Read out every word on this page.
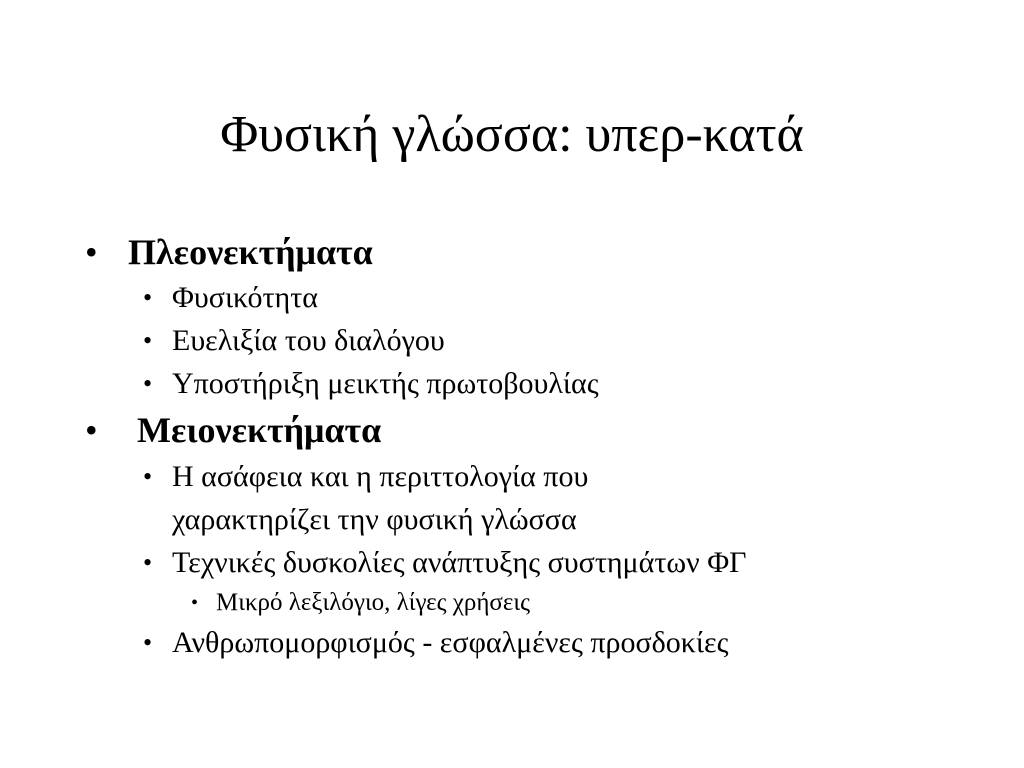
Φυσική γλώσσα: υπερ-κατά
• Πλεονεκτήματα
• Φυσικότητα
• Ευελιξία του διαλόγου
• Υποστήριξη μεικτής πρωτοβουλίας
• Μειονεκτήματα
• Η ασάφεια και η περιττολογία που
χαρακτηρίζει την φυσική γλώσσα
• Τεχνικές δυσκολίες ανάπτυξης συστημάτων ΦΓ
• Μικρό λεξιλόγιο, λίγες χρήσεις
• Ανθρωπομορφισμός - εσφαλμένες προσδοκίες
